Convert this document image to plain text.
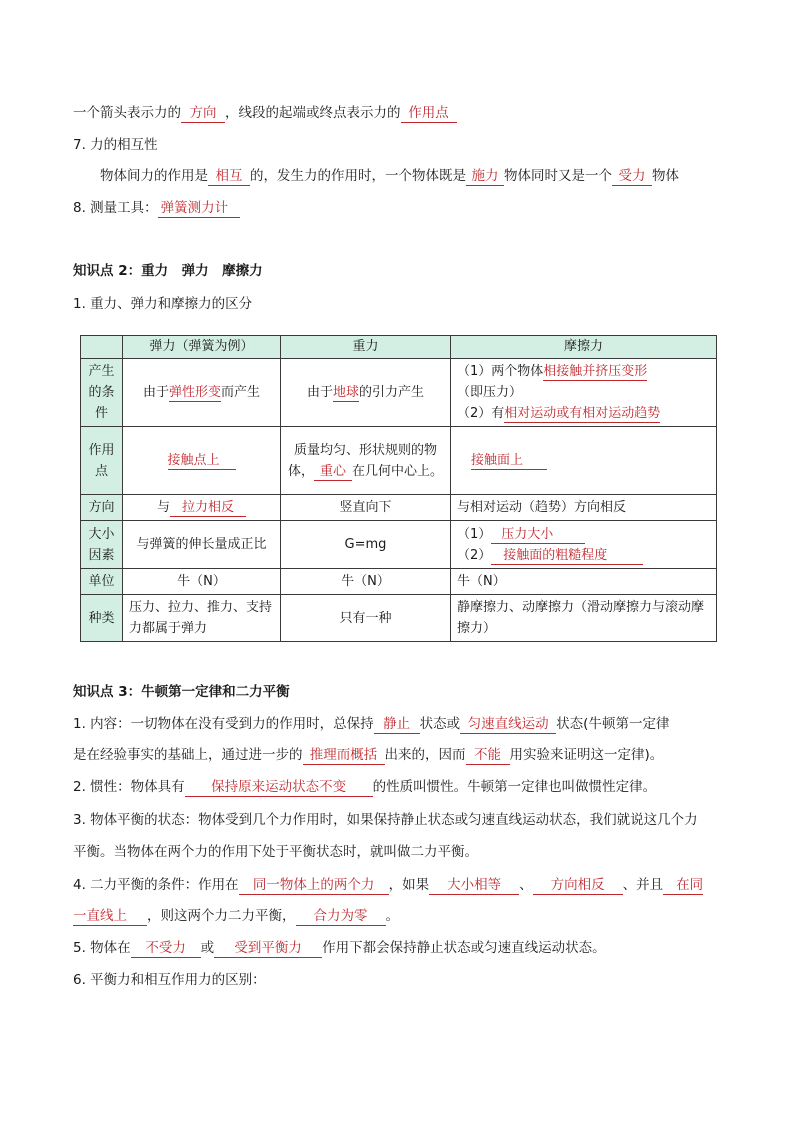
一个箭头表示力的 方向 ，线段的起端或终点表示力的 作用点
7. 力的相互性
物体间力的作用是 相互 的，发生力的作用时，一个物体既是 施力 物体同时又是一个 受力 物体
8. 测量工具： 弹簧测力计
知识点 2：重力　弹力　摩擦力
1. 重力、弹力和摩擦力的区分
	弹力（弹簧为例）	重力	摩擦力

产生的条件	由于弹性形变而产生	由于地球的引力产生	（1）两个物体相接触并挤压变形（即压力）
（2）有相对运动或有相对运动趋势

作用点	接触点上	质量均匀、形状规则的物体， 重心 在几何中心上。	接触面上
方向	与 拉力相反	竖直向下	与相对运动（趋势）方向相反

大小因素	与弹簧的伸长量成正比	G=mg	（1） 压力大小
（2） 接触面的粗糙程度

单位	牛（N）	牛（N）	牛（N）
种类	压力、拉力、推力、支持力都属于弹力	只有一种	静摩擦力、动摩擦力（滑动摩擦力与滚动摩擦力）
知识点 3：牛顿第一定律和二力平衡
1. 内容：一切物体在没有受到力的作用时，总保持 静止 状态或 匀速直线运动 状态(牛顿第一定律
是在经验事实的基础上，通过进一步的 推理而概括 出来的，因而 不能 用实验来证明这一定律)。
2. 惯性：物体具有 保持原来运动状态不变 的性质叫惯性。牛顿第一定律也叫做惯性定律。
3. 物体平衡的状态：物体受到几个力作用时，如果保持静止状态或匀速直线运动状态，我们就说这几个力
平衡。当物体在两个力的作用下处于平衡状态时，就叫做二力平衡。
4. 二力平衡的条件：作用在 同一物体上的两个力 ，如果 大小相等 、 方向相反 、并且 在同
一直线上 ，则这两个力二力平衡， 合力为零 。
5. 物体在 不受力 或 受到平衡力 作用下都会保持静止状态或匀速直线运动状态。
6. 平衡力和相互作用力的区别：
